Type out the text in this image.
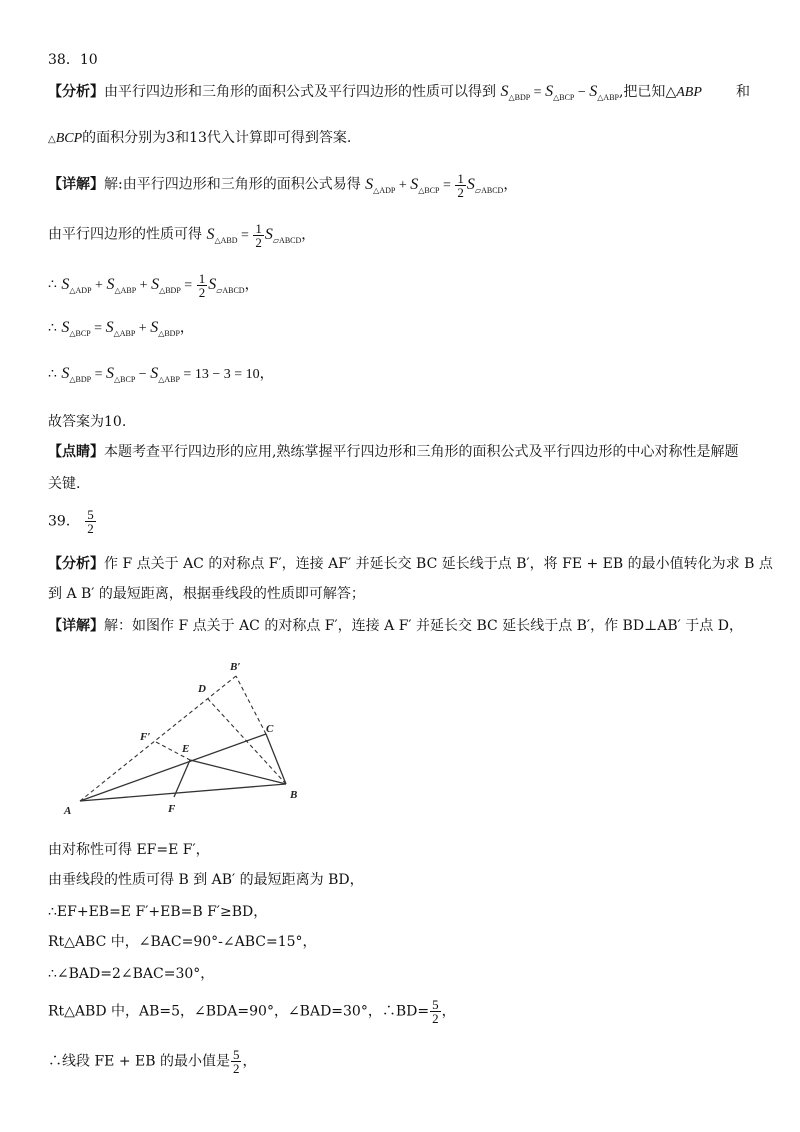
38．10
【分析】由平行四边形和三角形的面积公式及平行四边形的性质可以得到 $S_{\triangle BDP} = S_{\triangle BCP} - S_{\triangle ABP}$,把已知△ABP 和
△BCP的面积分别为3和13代入计算即可得到答案.
【详解】解:由平行四边形和三角形的面积公式易得 $S_{\triangle ADP} + S_{\triangle BCP} = \frac{1}{2} S_{▱ABCD}$，
由平行四边形的性质可得 $S_{\triangle ABD} = \frac{1}{2} S_{▱ABCD}$，
∴ $S_{\triangle ADP} + S_{\triangle ABP} + S_{\triangle BDP} = \frac{1}{2} S_{▱ABCD}$，
∴ $S_{\triangle BCP} = S_{\triangle ABP} + S_{\triangle BDP}$，
∴ $S_{\triangle BDP} = S_{\triangle BCP} - S_{\triangle ABP} = 13 - 3 = 10$，
故答案为10.
【点睛】本题考查平行四边形的应用,熟练掌握平行四边形和三角形的面积公式及平行四边形的中心对称性是解题
关键.
39． $\frac{5}{2}$
【分析】作 F 点关于 AC 的对称点 F′，连接 AF′ 并延长交 BC 延长线于点 B′，将 FE + EB 的最小值转化为求 B 点
到 A B′ 的最短距离，根据垂线段的性质即可解答；
【详解】解：如图作 F 点关于 AC 的对称点 F′，连接 A F′ 并延长交 BC 延长线于点 B′，作 BD⊥AB′ 于点 D，
A
B
C
D
E
F
F′
B′
由对称性可得 EF=E F′，
由垂线段的性质可得 B 到 AB′ 的最短距离为 BD，
∴EF+EB=E F′+EB=B F′≥BD，
Rt△ABC 中，∠BAC=90°-∠ABC=15°，
∴∠BAD=2∠BAC=30°，
Rt△ABD 中，AB=5，∠BDA=90°，∠BAD=30°，∴BD= $\frac{5}{2}$ ，
∴线段 FE + EB 的最小值是 $\frac{5}{2}$ ，
